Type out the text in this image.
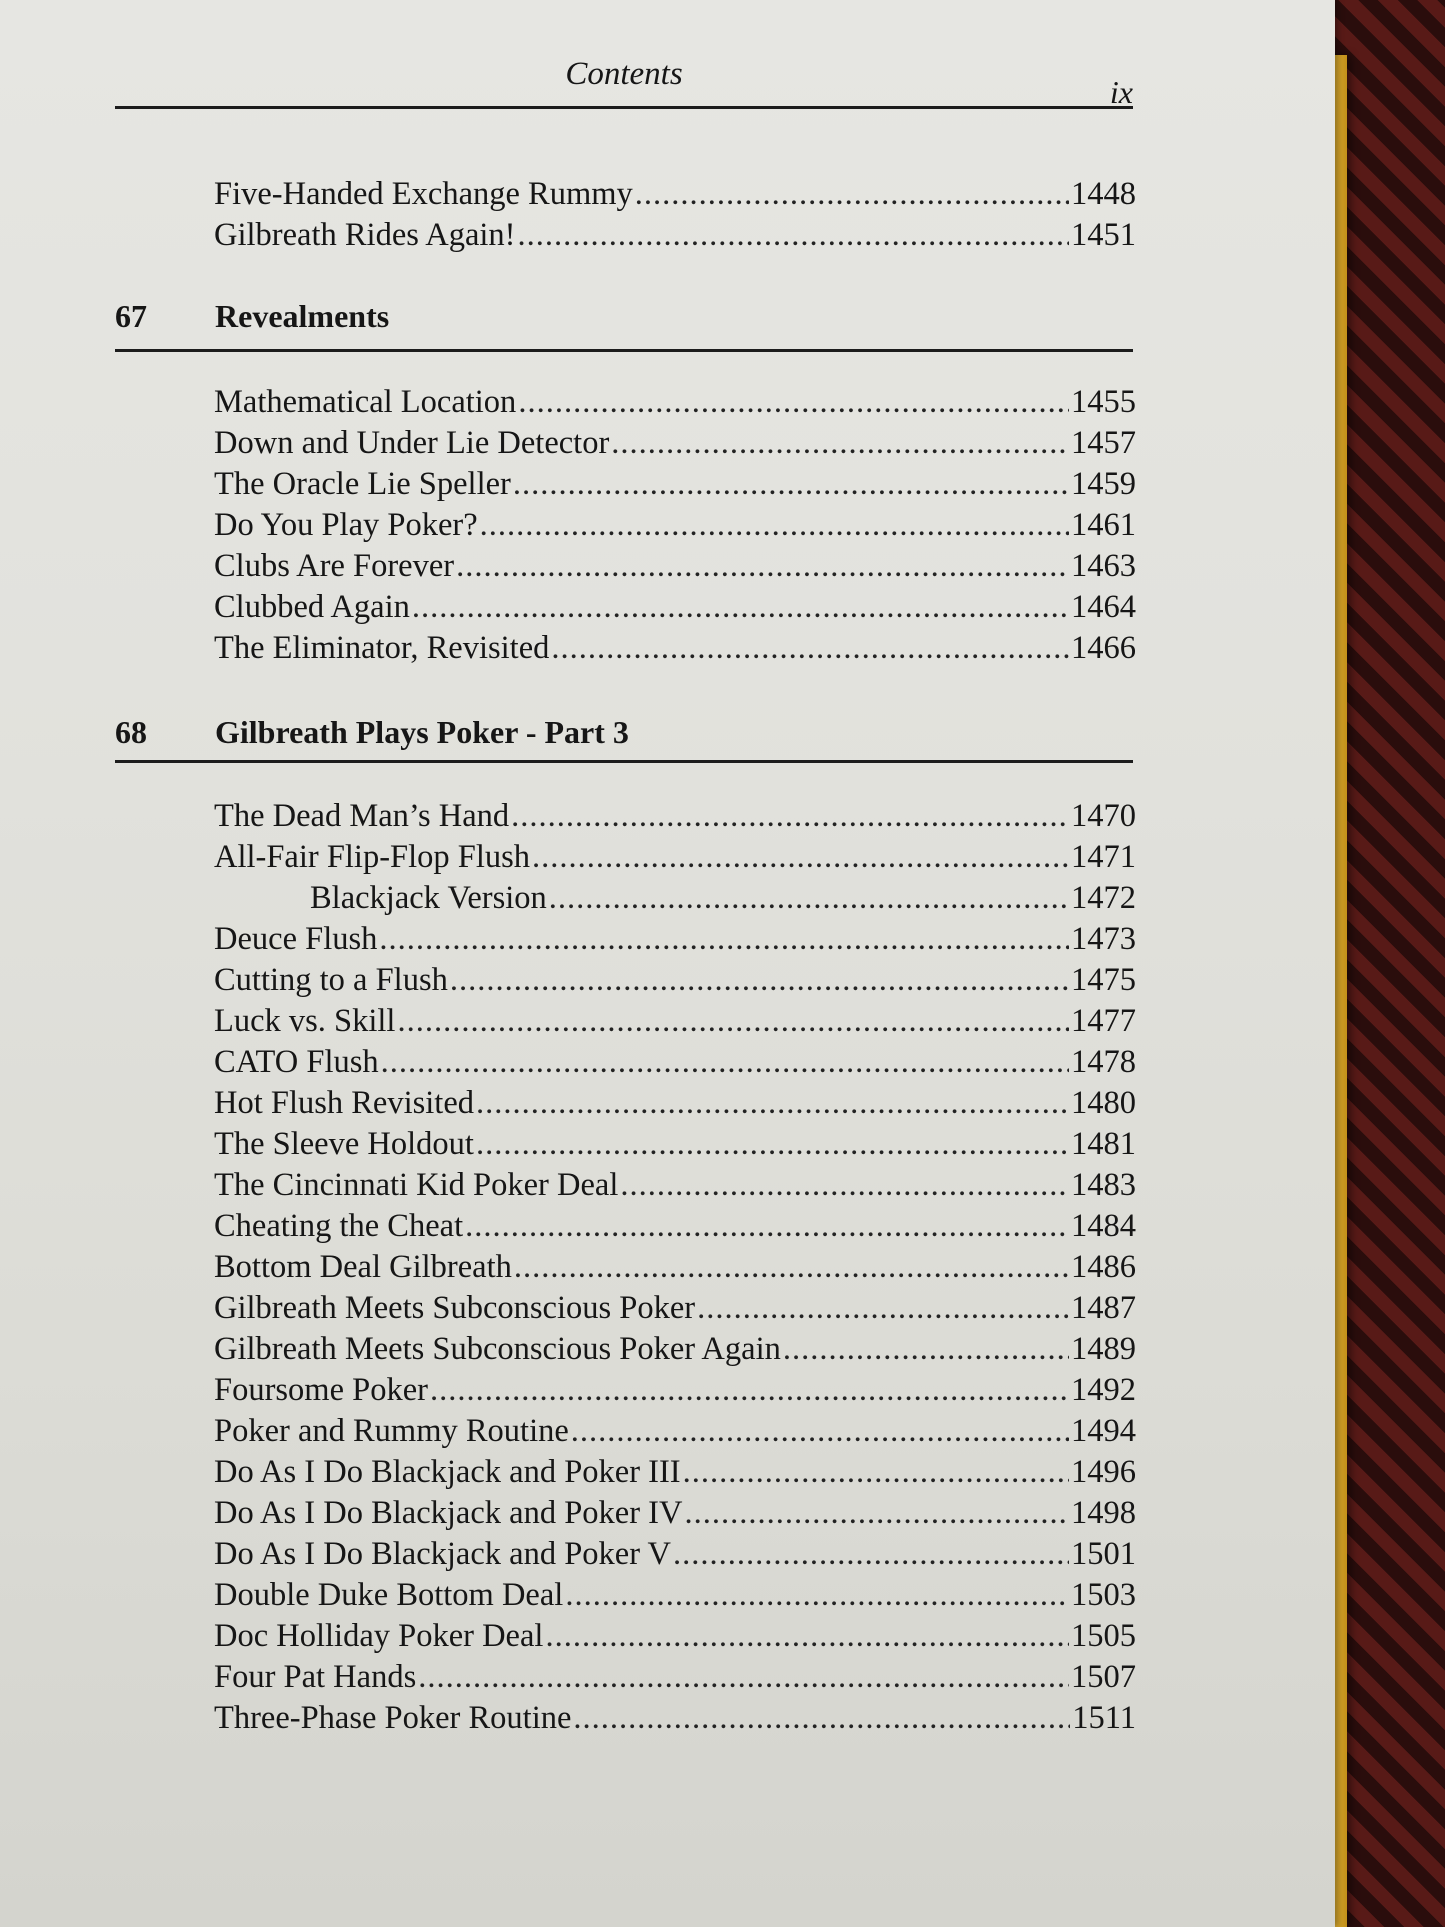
Contents	ix
Five-Handed Exchange Rummy .....	1448
Gilbreath Rides Again! .....	1451
67 Revealments
Mathematical Location .....	1455
Down and Under Lie Detector .....	1457
The Oracle Lie Speller .....	1459
Do You Play Poker? .....	1461
Clubs Are Forever .....	1463
Clubbed Again .....	1464
The Eliminator, Revisited .....	1466
68 Gilbreath Plays Poker - Part 3
The Dead Man’s Hand .....	1470
All-Fair Flip-Flop Flush .....	1471
Blackjack Version .....	1472
Deuce Flush .....	1473
Cutting to a Flush .....	1475
Luck vs. Skill .....	1477
CATO Flush .....	1478
Hot Flush Revisited .....	1480
The Sleeve Holdout .....	1481
The Cincinnati Kid Poker Deal .....	1483
Cheating the Cheat .....	1484
Bottom Deal Gilbreath .....	1486
Gilbreath Meets Subconscious Poker .....	1487
Gilbreath Meets Subconscious Poker Again .....	1489
Foursome Poker .....	1492
Poker and Rummy Routine .....	1494
Do As I Do Blackjack and Poker III .....	1496
Do As I Do Blackjack and Poker IV .....	1498
Do As I Do Blackjack and Poker V .....	1501
Double Duke Bottom Deal .....	1503
Doc Holliday Poker Deal .....	1505
Four Pat Hands .....	1507
Three-Phase Poker Routine .....	1511
